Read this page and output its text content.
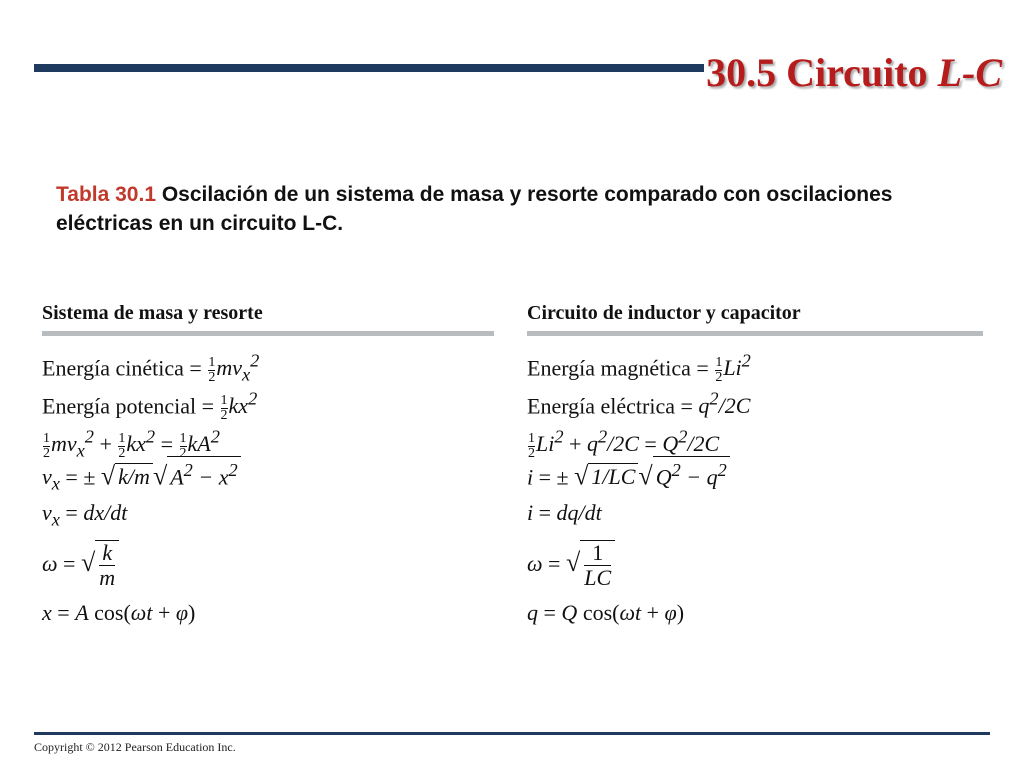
30.5 Circuito L-C
Tabla 30.1 Oscilación de un sistema de masa y resorte comparado con oscilaciones eléctricas en un circuito L-C.
Sistema de masa y resorte
Energía cinética = $\frac{1}{2} mv_x^2$
Energía potencial = $\frac{1}{2} kx^2$
$\frac{1}{2} mv_x^2 + \frac{1}{2} kx^2 = \frac{1}{2} kA^2$
$v_x$ = ± √ k/m √ $A^2 - x^2$
$v_x = dx/dt$
ω = √ $\frac{k}{m}$
x = A cos(ωt + φ)
Circuito de inductor y capacitor
Energía magnética = $\frac{1}{2} Li^2$
Energía eléctrica = $q^2/2C$
$\frac{1}{2} Li^2 + q^2/2C = Q^2/2C$
i = ± √ 1/LC √ $Q^2 - q^2$
i = dq/dt
ω = √ $\frac{1}{LC}$
q = Q cos(ωt + φ)
Copyright © 2012 Pearson Education Inc.
